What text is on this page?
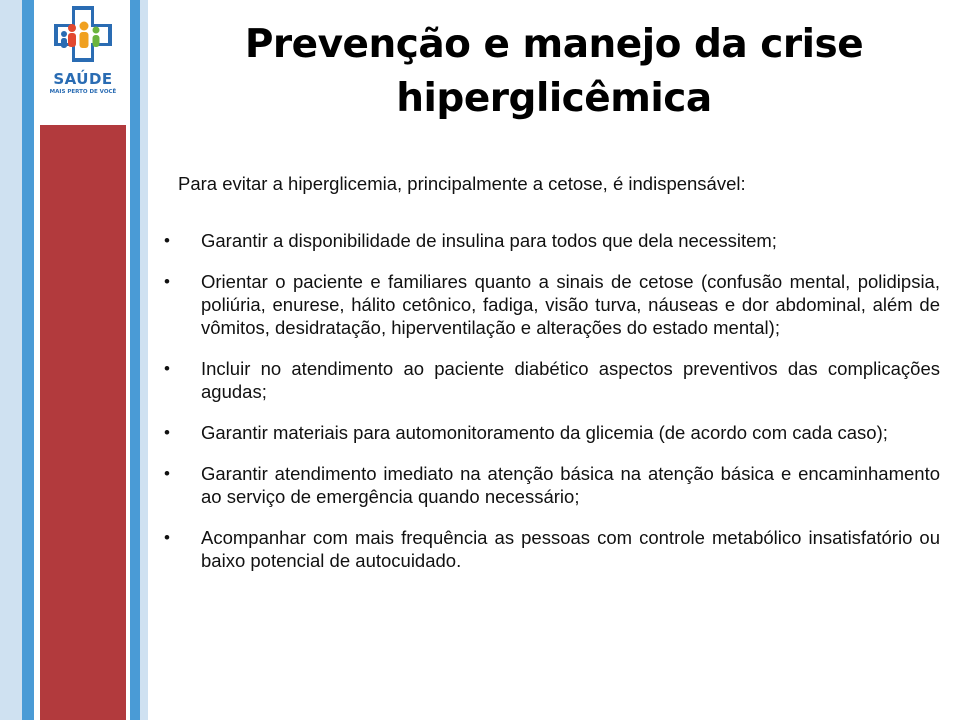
SAÚDE
MAIS PERTO DE VOCÊ
Prevenção e manejo da crise hiperglicêmica

Para evitar a hiperglicemia, principalmente a cetose, é indispensável:

• Garantir a disponibilidade de insulina para todos que dela necessitem;
• Orientar o paciente e familiares quanto a sinais de cetose (confusão mental, polidipsia, poliúria, enurese, hálito cetônico, fadiga, visão turva, náuseas e dor abdominal, além de vômitos, desidratação, hiperventilação e alterações do estado mental);
• Incluir no atendimento ao paciente diabético aspectos preventivos das complicações agudas;
• Garantir materiais para automonitoramento da glicemia (de acordo com cada caso);
• Garantir atendimento imediato na atenção básica na atenção básica e encaminhamento ao serviço de emergência quando necessário;
• Acompanhar com mais frequência as pessoas com controle metabólico insatisfatório ou baixo potencial de autocuidado.
